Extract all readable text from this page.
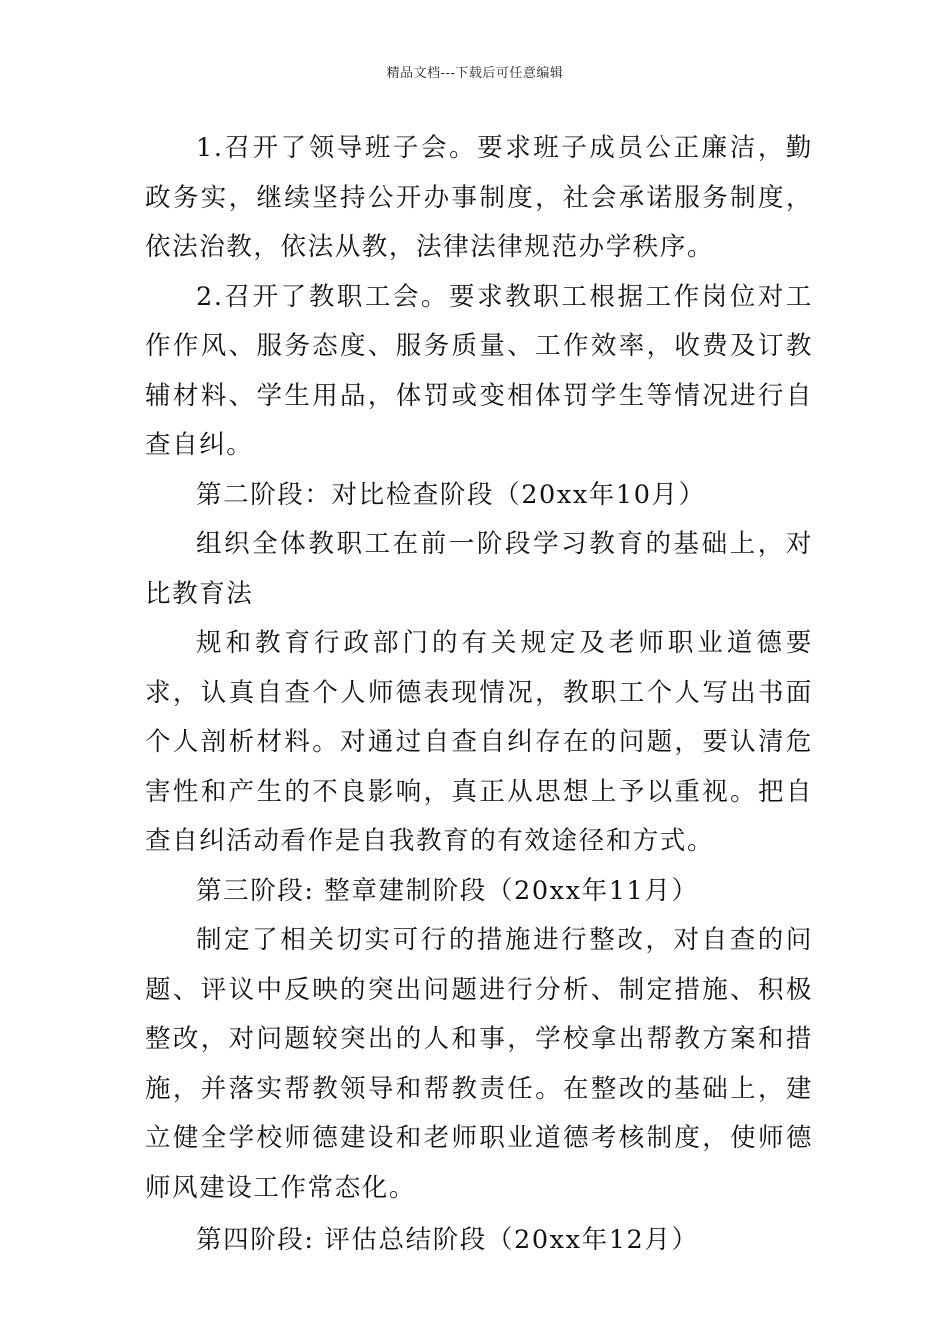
精品文档---下载后可任意编辑

1.召开了领导班子会。要求班子成员公正廉洁，勤政务实，继续坚持公开办事制度，社会承诺服务制度，依法治教，依法从教，法律法律规范办学秩序。

2.召开了教职工会。要求教职工根据工作岗位对工作作风、服务态度、服务质量、工作效率，收费及订教辅材料、学生用品，体罚或变相体罚学生等情况进行自查自纠。

第二阶段：对比检查阶段（20xx年10月）

组织全体教职工在前一阶段学习教育的基础上，对比教育法

规和教育行政部门的有关规定及老师职业道德要求，认真自查个人师德表现情况，教职工个人写出书面个人剖析材料。对通过自查自纠存在的问题，要认清危害性和产生的不良影响，真正从思想上予以重视。把自查自纠活动看作是自我教育的有效途径和方式。

第三阶段: 整章建制阶段（20xx年11月）

制定了相关切实可行的措施进行整改，对自查的问题、评议中反映的突出问题进行分析、制定措施、积极整改，对问题较突出的人和事，学校拿出帮教方案和措施，并落实帮教领导和帮教责任。在整改的基础上，建立健全学校师德建设和老师职业道德考核制度，使师德师风建设工作常态化。

第四阶段: 评估总结阶段（20xx年12月）
